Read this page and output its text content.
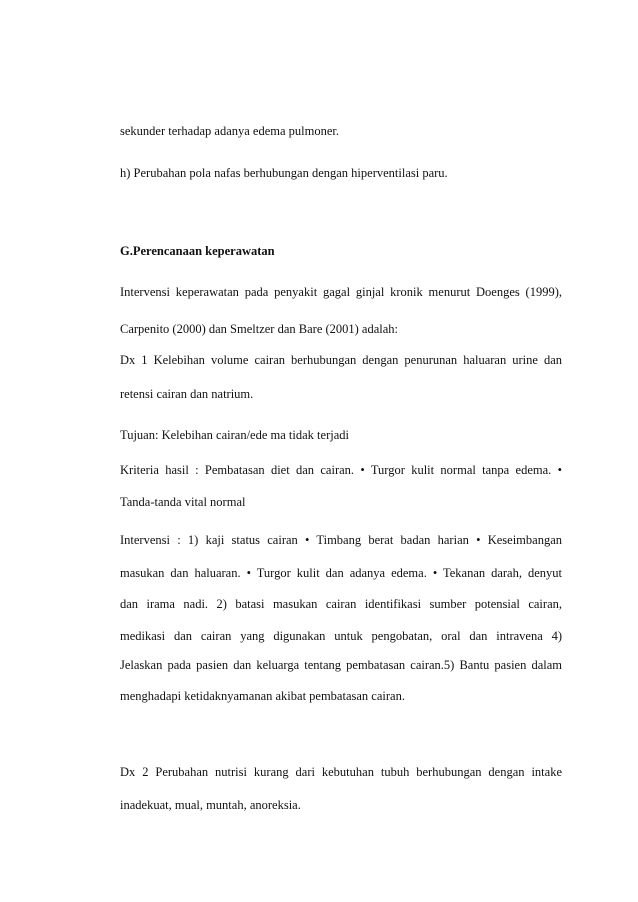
sekunder terhadap adanya edema pulmoner.
h) Perubahan pola nafas berhubungan dengan hiperventilasi paru.
G.Perencanaan keperawatan
Intervensi keperawatan pada penyakit gagal ginjal kronik menurut Doenges (1999),
Carpenito (2000) dan Smeltzer dan Bare (2001) adalah:
Dx 1 Kelebihan volume cairan berhubungan dengan penurunan haluaran urine dan
retensi cairan dan natrium.
Tujuan: Kelebihan cairan/ede ma tidak terjadi
Kriteria hasil : Pembatasan diet dan cairan. • Turgor kulit normal tanpa edema. •
Tanda-tanda vital normal
Intervensi : 1) kaji status cairan • Timbang berat badan harian • Keseimbangan
masukan dan haluaran. • Turgor kulit dan adanya edema. • Tekanan darah, denyut
dan irama nadi. 2) batasi masukan cairan identifikasi sumber potensial cairan,
medikasi dan cairan yang digunakan untuk pengobatan, oral dan intravena 4)
Jelaskan pada pasien dan keluarga tentang pembatasan cairan.5) Bantu pasien dalam
menghadapi ketidaknyamanan akibat pembatasan cairan.
Dx 2 Perubahan nutrisi kurang dari kebutuhan tubuh berhubungan dengan intake
inadekuat, mual, muntah, anoreksia.
